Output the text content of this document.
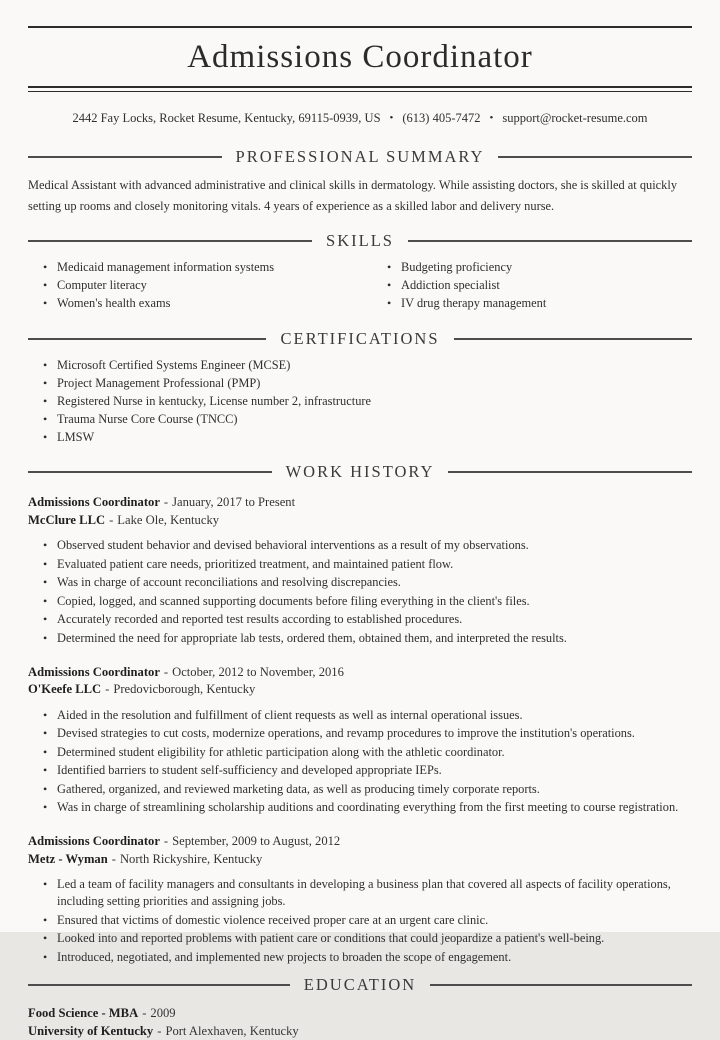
Admissions Coordinator
2442 Fay Locks, Rocket Resume, Kentucky, 69115-0939, US • (613) 405-7472 • support@rocket-resume.com
PROFESSIONAL SUMMARY
Medical Assistant with advanced administrative and clinical skills in dermatology. While assisting doctors, she is skilled at quickly setting up rooms and closely monitoring vitals. 4 years of experience as a skilled labor and delivery nurse.
SKILLS
• Medicaid management information systems
• Computer literacy
• Women's health exams
• Budgeting proficiency
• Addiction specialist
• IV drug therapy management
CERTIFICATIONS
• Microsoft Certified Systems Engineer (MCSE)
• Project Management Professional (PMP)
• Registered Nurse in kentucky, License number 2, infrastructure
• Trauma Nurse Core Course (TNCC)
• LMSW
WORK HISTORY
Admissions Coordinator - January, 2017 to Present
McClure LLC - Lake Ole, Kentucky
• Observed student behavior and devised behavioral interventions as a result of my observations.
• Evaluated patient care needs, prioritized treatment, and maintained patient flow.
• Was in charge of account reconciliations and resolving discrepancies.
• Copied, logged, and scanned supporting documents before filing everything in the client's files.
• Accurately recorded and reported test results according to established procedures.
• Determined the need for appropriate lab tests, ordered them, obtained them, and interpreted the results.
Admissions Coordinator - October, 2012 to November, 2016
O'Keefe LLC - Predovicborough, Kentucky
• Aided in the resolution and fulfillment of client requests as well as internal operational issues.
• Devised strategies to cut costs, modernize operations, and revamp procedures to improve the institution's operations.
• Determined student eligibility for athletic participation along with the athletic coordinator.
• Identified barriers to student self-sufficiency and developed appropriate IEPs.
• Gathered, organized, and reviewed marketing data, as well as producing timely corporate reports.
• Was in charge of streamlining scholarship auditions and coordinating everything from the first meeting to course registration.
Admissions Coordinator - September, 2009 to August, 2012
Metz - Wyman - North Rickyshire, Kentucky
• Led a team of facility managers and consultants in developing a business plan that covered all aspects of facility operations, including setting priorities and assigning jobs.
• Ensured that victims of domestic violence received proper care at an urgent care clinic.
• Looked into and reported problems with patient care or conditions that could jeopardize a patient's well-being.
• Introduced, negotiated, and implemented new projects to broaden the scope of engagement.
EDUCATION
Food Science - MBA - 2009
University of Kentucky - Port Alexhaven, Kentucky
